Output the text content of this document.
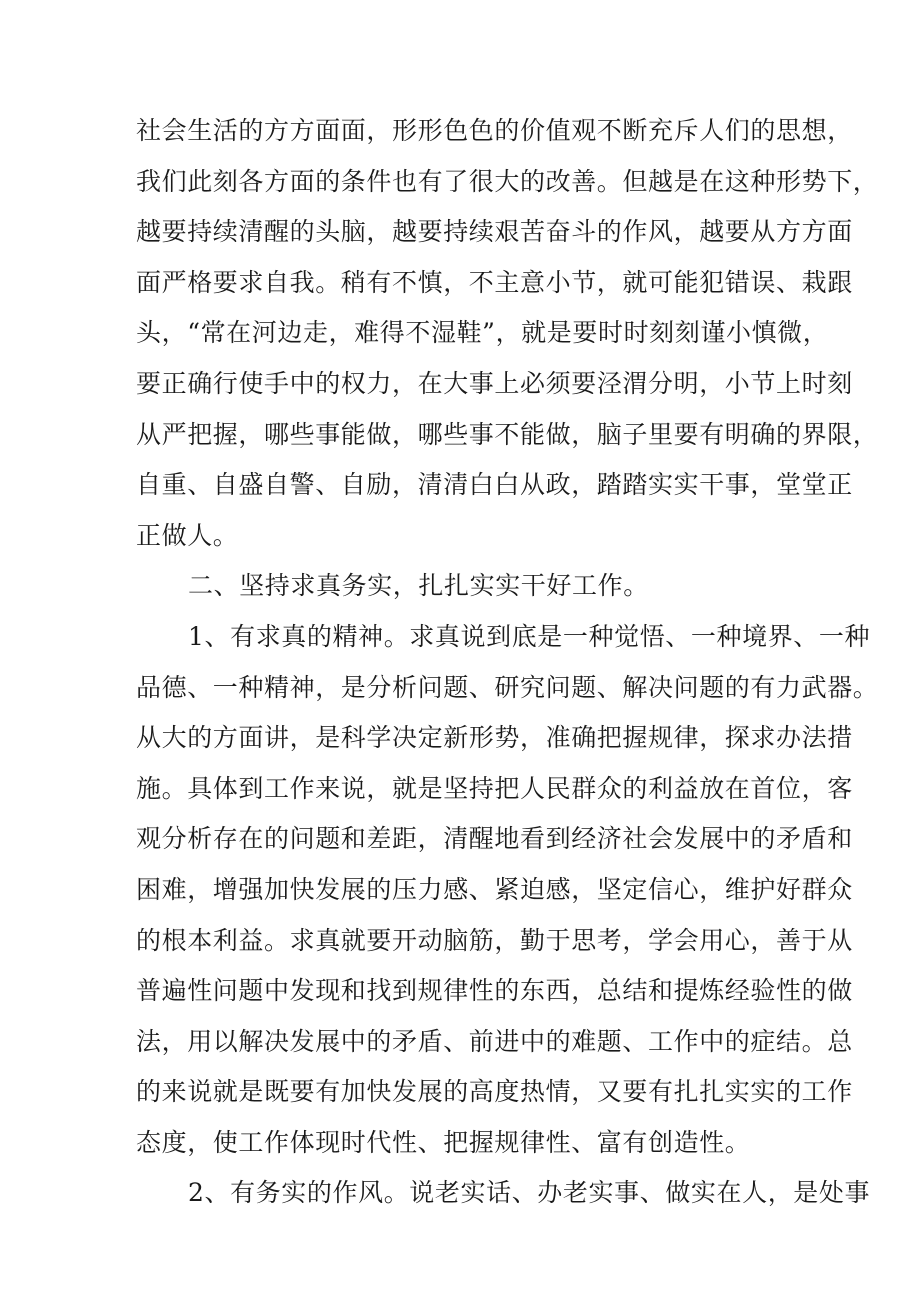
社会生活的方方面面，形形色色的价值观不断充斥人们的思想，
我们此刻各方面的条件也有了很大的改善。但越是在这种形势下，
越要持续清醒的头脑，越要持续艰苦奋斗的作风，越要从方方面
面严格要求自我。稍有不慎，不主意小节，就可能犯错误、栽跟
头，“常在河边走，难得不湿鞋”，就是要时时刻刻谨小慎微，
要正确行使手中的权力，在大事上必须要泾渭分明，小节上时刻
从严把握，哪些事能做，哪些事不能做，脑子里要有明确的界限，
自重、自盛自警、自励，清清白白从政，踏踏实实干事，堂堂正
正做人。
二、坚持求真务实，扎扎实实干好工作。
1、有求真的精神。求真说到底是一种觉悟、一种境界、一种
品德、一种精神，是分析问题、研究问题、解决问题的有力武器。
从大的方面讲，是科学决定新形势，准确把握规律，探求办法措
施。具体到工作来说，就是坚持把人民群众的利益放在首位，客
观分析存在的问题和差距，清醒地看到经济社会发展中的矛盾和
困难，增强加快发展的压力感、紧迫感，坚定信心，维护好群众
的根本利益。求真就要开动脑筋，勤于思考，学会用心，善于从
普遍性问题中发现和找到规律性的东西，总结和提炼经验性的做
法，用以解决发展中的矛盾、前进中的难题、工作中的症结。总
的来说就是既要有加快发展的高度热情，又要有扎扎实实的工作
态度，使工作体现时代性、把握规律性、富有创造性。
2、有务实的作风。说老实话、办老实事、做实在人，是处事
